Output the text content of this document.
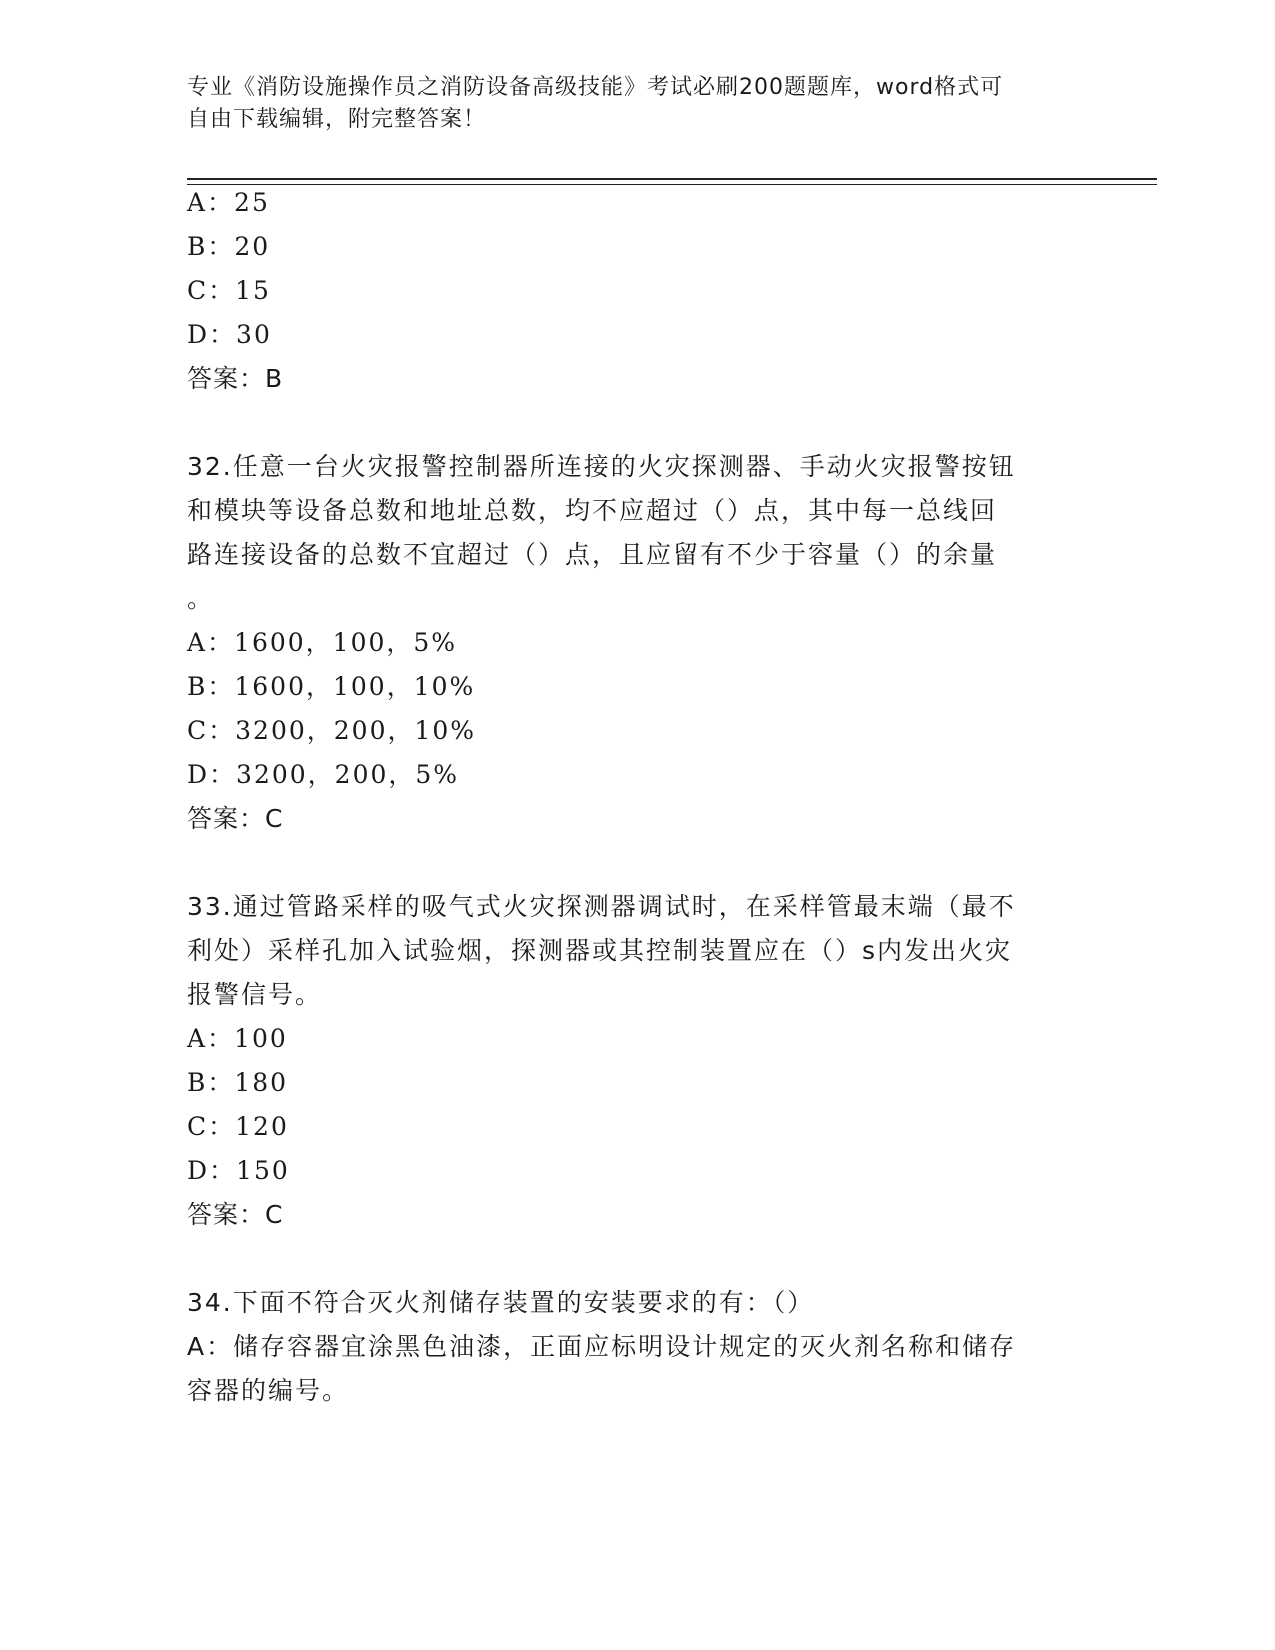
专业《消防设施操作员之消防设备高级技能》考试必刷200题题库，word格式可
自由下载编辑，附完整答案！
A：25
B：20
C：15
D：30
答案：B
32.任意一台火灾报警控制器所连接的火灾探测器、手动火灾报警按钮
和模块等设备总数和地址总数，均不应超过（）点，其中每一总线回
路连接设备的总数不宜超过（）点，且应留有不少于容量（）的余量
。
A：1600，100，5%
B：1600，100，10%
C：3200，200，10%
D：3200，200，5%
答案：C
33.通过管路采样的吸气式火灾探测器调试时，在采样管最末端（最不
利处）采样孔加入试验烟，探测器或其控制装置应在（）s内发出火灾
报警信号。
A：100
B：180
C：120
D：150
答案：C
34.下面不符合灭火剂储存装置的安装要求的有：（）
A：储存容器宜涂黑色油漆，正面应标明设计规定的灭火剂名称和储存
容器的编号。
